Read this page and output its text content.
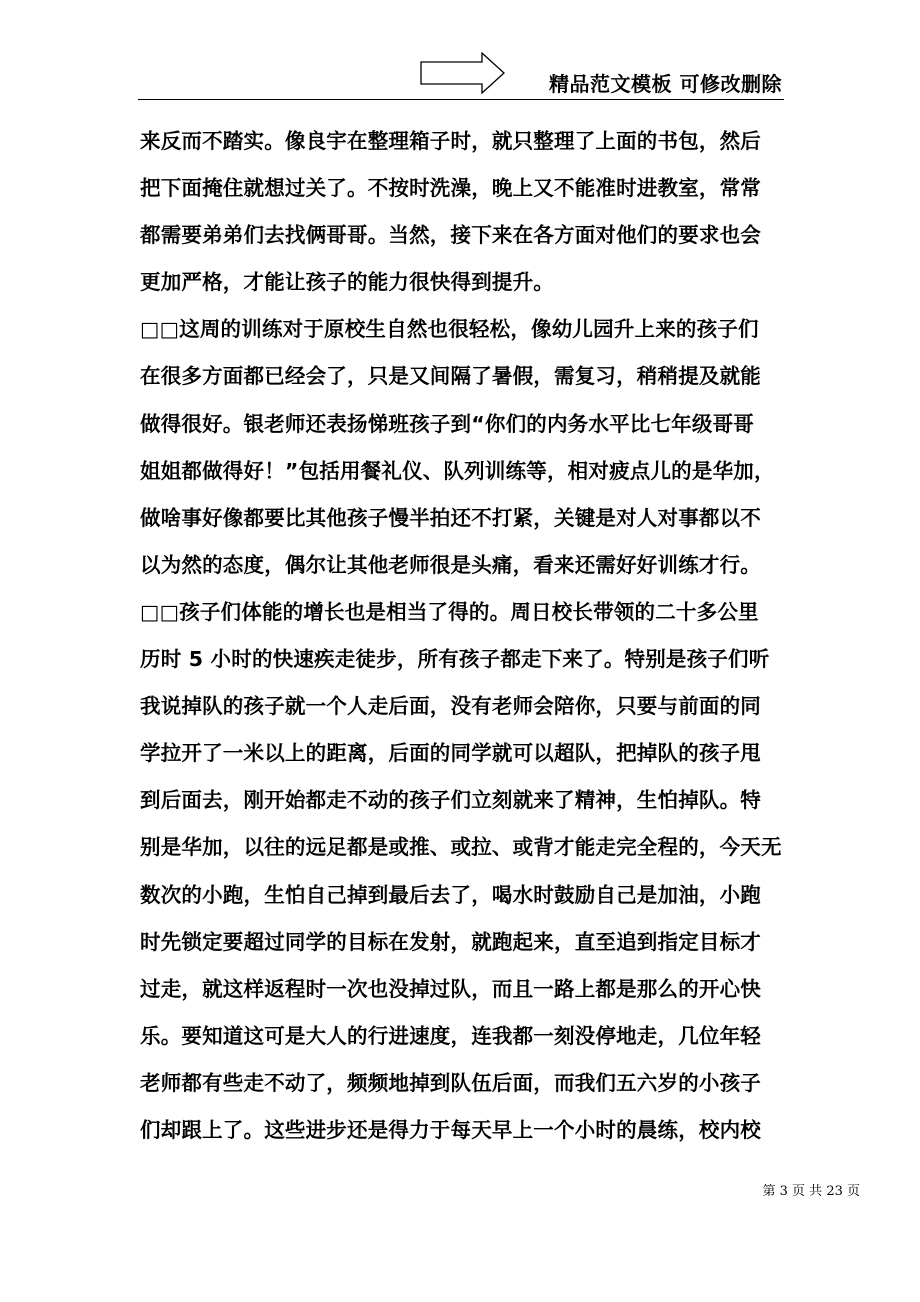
精品范文模板 可修改删除
来反而不踏实。像良宇在整理箱子时，就只整理了上面的书包，然后
把下面掩住就想过关了。不按时洗澡，晚上又不能准时进教室，常常
都需要弟弟们去找俩哥哥。当然，接下来在各方面对他们的要求也会
更加严格，才能让孩子的能力很快得到提升。
□□这周的训练对于原校生自然也很轻松，像幼儿园升上来的孩子们
在很多方面都已经会了，只是又间隔了暑假，需复习，稍稍提及就能
做得很好。银老师还表扬悌班孩子到“你们的内务水平比七年级哥哥
姐姐都做得好！”包括用餐礼仪、队列训练等，相对疲点儿的是华加，
做啥事好像都要比其他孩子慢半拍还不打紧，关键是对人对事都以不
以为然的态度，偶尔让其他老师很是头痛，看来还需好好训练才行。
□□孩子们体能的增长也是相当了得的。周日校长带领的二十多公里
历时 5 小时的快速疾走徒步，所有孩子都走下来了。特别是孩子们听
我说掉队的孩子就一个人走后面，没有老师会陪你，只要与前面的同
学拉开了一米以上的距离，后面的同学就可以超队，把掉队的孩子甩
到后面去，刚开始都走不动的孩子们立刻就来了精神，生怕掉队。特
别是华加，以往的远足都是或推、或拉、或背才能走完全程的，今天无
数次的小跑，生怕自己掉到最后去了，喝水时鼓励自己是加油，小跑
时先锁定要超过同学的目标在发射，就跑起来，直至追到指定目标才
过走，就这样返程时一次也没掉过队，而且一路上都是那么的开心快
乐。要知道这可是大人的行进速度，连我都一刻没停地走，几位年轻
老师都有些走不动了，频频地掉到队伍后面，而我们五六岁的小孩子
们却跟上了。这些进步还是得力于每天早上一个小时的晨练，校内校
第 3 页 共 23 页
